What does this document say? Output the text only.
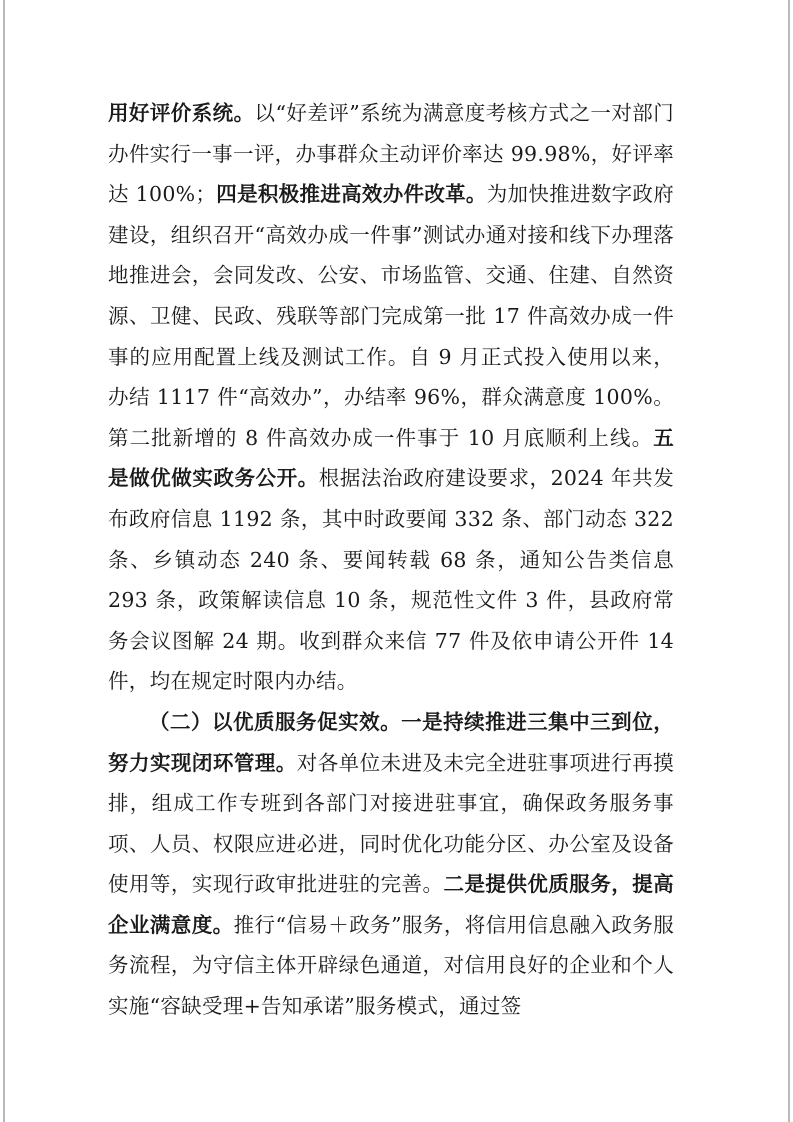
用好评价系统。以“好差评”系统为满意度考核方式之一对部门办件实行一事一评，办事群众主动评价率达 99.98%，好评率达 100%；四是积极推进高效办件改革。为加快推进数字政府建设，组织召开“高效办成一件事”测试办通对接和线下办理落地推进会，会同发改、公安、市场监管、交通、住建、自然资源、卫健、民政、残联等部门完成第一批 17 件高效办成一件事的应用配置上线及测试工作。自 9 月正式投入使用以来，办结 1117 件“高效办”，办结率 96%，群众满意度 100%。第二批新增的 8 件高效办成一件事于 10 月底顺利上线。五是做优做实政务公开。根据法治政府建设要求，2024 年共发布政府信息 1192 条，其中时政要闻 332 条、部门动态 322 条、乡镇动态 240 条、要闻转载 68 条，通知公告类信息 293 条，政策解读信息 10 条，规范性文件 3 件，县政府常务会议图解 24 期。收到群众来信 77 件及依申请公开件 14 件，均在规定时限内办结。

（二）以优质服务促实效。一是持续推进三集中三到位，努力实现闭环管理。对各单位未进及未完全进驻事项进行再摸排，组成工作专班到各部门对接进驻事宜，确保政务服务事项、人员、权限应进必进，同时优化功能分区、办公室及设备使用等，实现行政审批进驻的完善。二是提供优质服务，提高企业满意度。推行“信易＋政务”服务，将信用信息融入政务服务流程，为守信主体开辟绿色通道，对信用良好的企业和个人实施“容缺受理+告知承诺”服务模式，通过签
